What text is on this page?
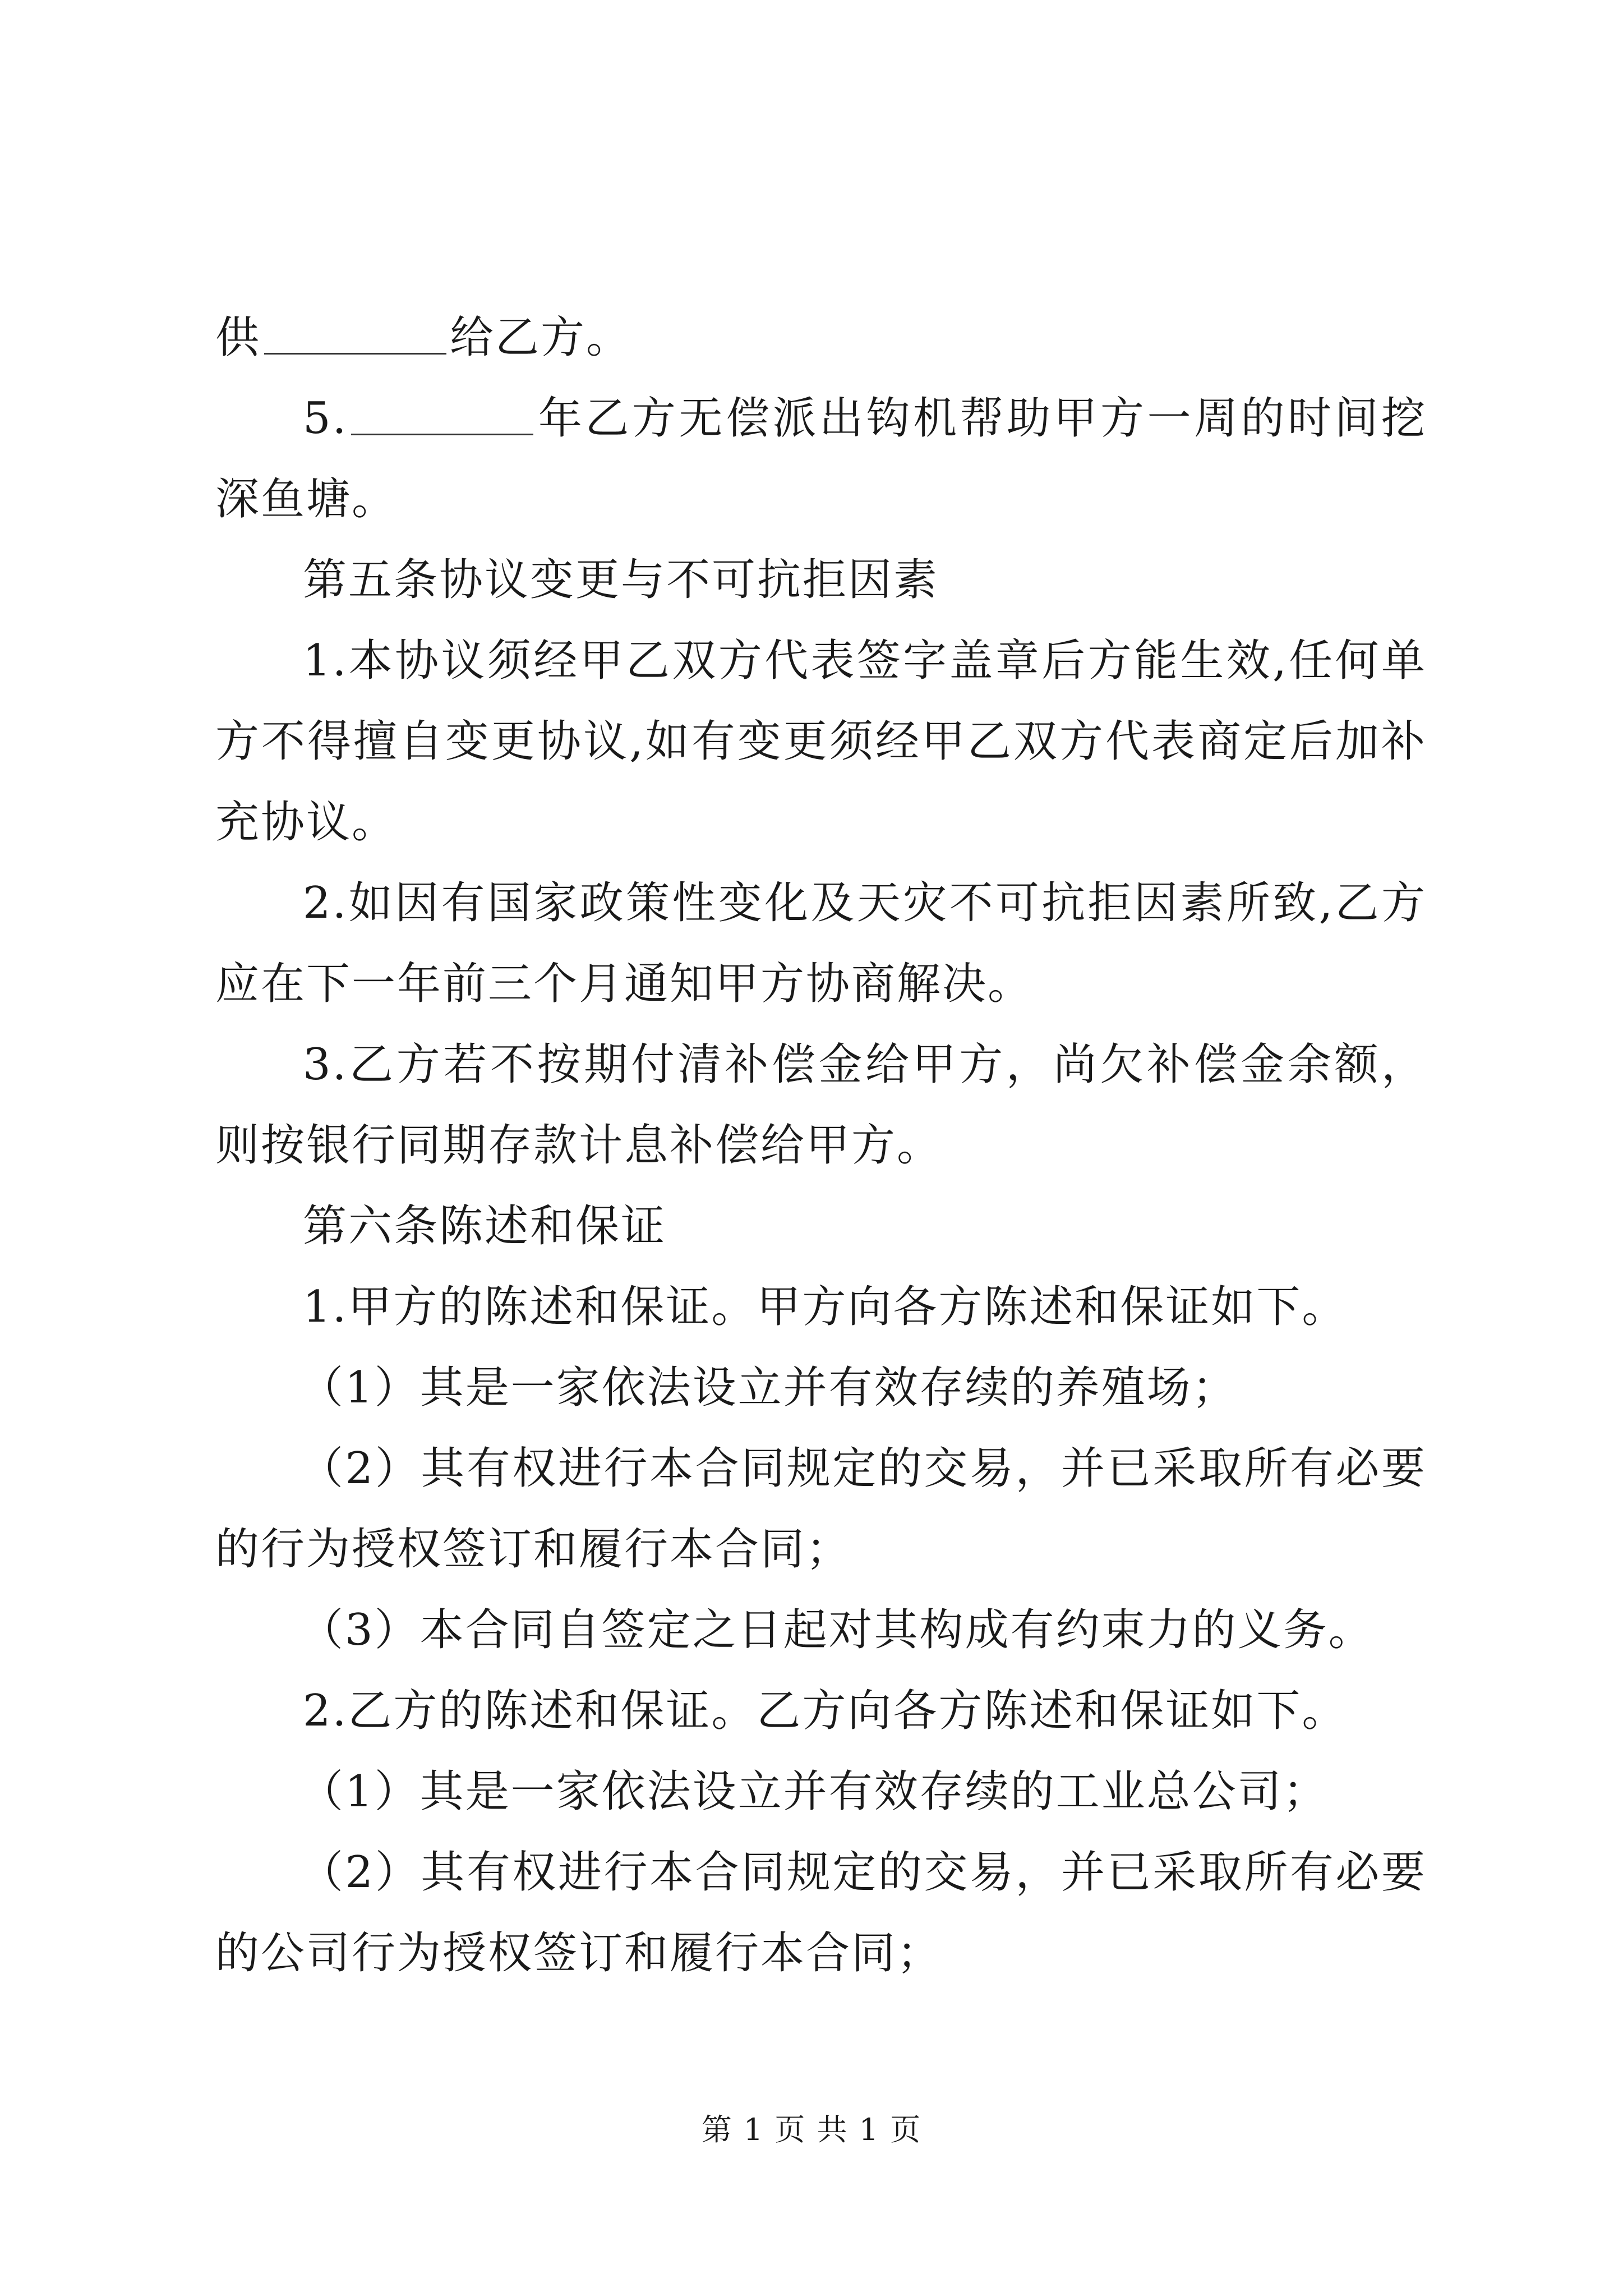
供	给乙方。

5.	年乙方无偿派出钩机帮助甲方一周的时间挖深鱼塘。

第五条协议变更与不可抗拒因素

1.本协议须经甲乙双方代表签字盖章后方能生效,任何单方不得擅自变更协议,如有变更须经甲乙双方代表商定后加补充协议。

2.如因有国家政策性变化及天灾不可抗拒因素所致,乙方应在下一年前三个月通知甲方协商解决。

3.乙方若不按期付清补偿金给甲方，尚欠补偿金余额，则按银行同期存款计息补偿给甲方。

第六条陈述和保证

1.甲方的陈述和保证。甲方向各方陈述和保证如下。

（1）其是一家依法设立并有效存续的养殖场；

（2）其有权进行本合同规定的交易，并已采取所有必要的行为授权签订和履行本合同；

（3）本合同自签定之日起对其构成有约束力的义务。

2.乙方的陈述和保证。乙方向各方陈述和保证如下。

（1）其是一家依法设立并有效存续的工业总公司；

（2）其有权进行本合同规定的交易，并已采取所有必要的公司行为授权签订和履行本合同；

第 1 页 共 1 页
